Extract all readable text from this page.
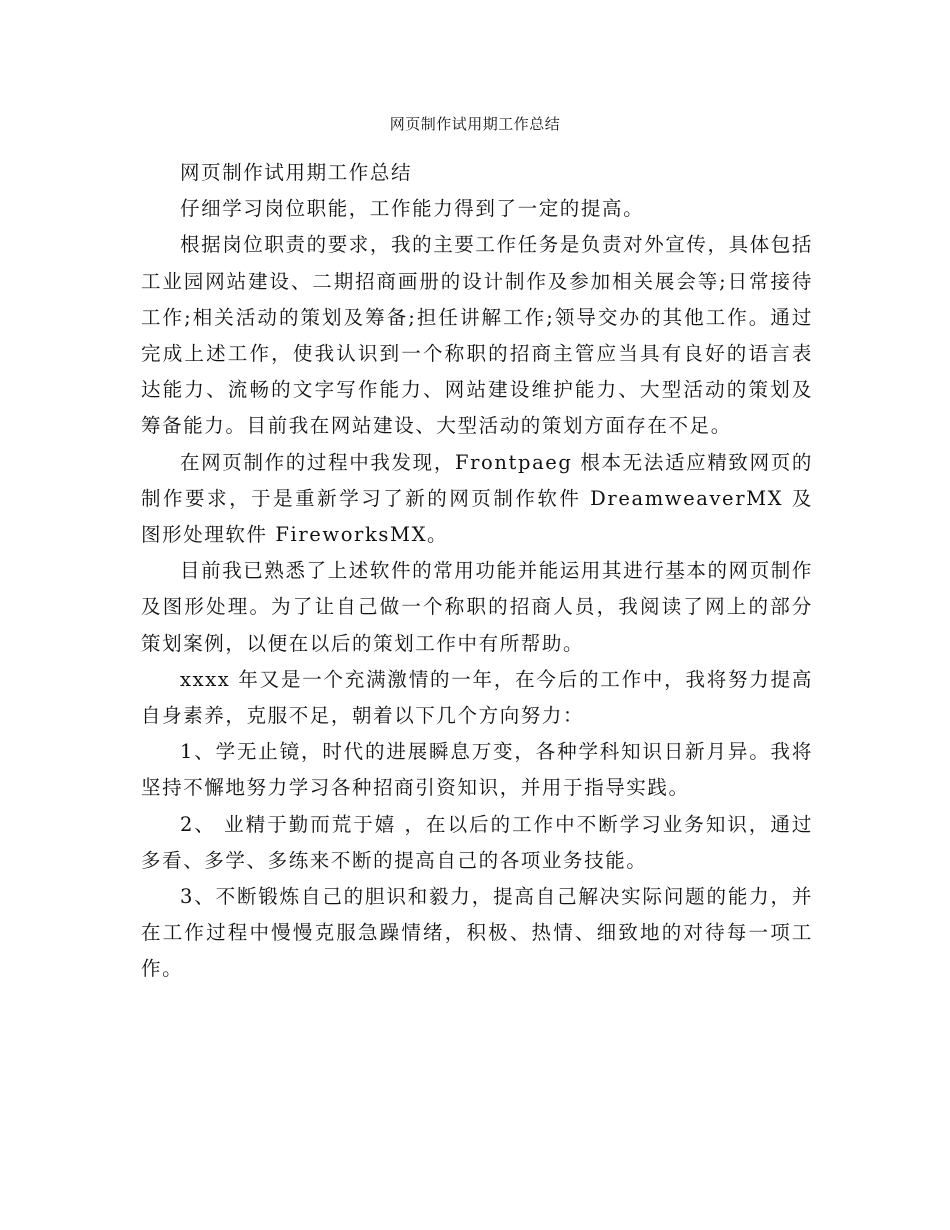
网页制作试用期工作总结

网页制作试用期工作总结

仔细学习岗位职能，工作能力得到了一定的提高。

根据岗位职责的要求，我的主要工作任务是负责对外宣传，具体包括工业园网站建设、二期招商画册的设计制作及参加相关展会等;日常接待工作;相关活动的策划及筹备;担任讲解工作;领导交办的其他工作。通过完成上述工作，使我认识到一个称职的招商主管应当具有良好的语言表达能力、流畅的文字写作能力、网站建设维护能力、大型活动的策划及筹备能力。目前我在网站建设、大型活动的策划方面存在不足。

在网页制作的过程中我发现，Frontpaeg 根本无法适应精致网页的制作要求，于是重新学习了新的网页制作软件 DreamweaverMX 及图形处理软件 FireworksMX。

目前我已熟悉了上述软件的常用功能并能运用其进行基本的网页制作及图形处理。为了让自己做一个称职的招商人员，我阅读了网上的部分策划案例，以便在以后的策划工作中有所帮助。

xxxx 年又是一个充满激情的一年，在今后的工作中，我将努力提高自身素养，克服不足，朝着以下几个方向努力：

1、学无止镜，时代的进展瞬息万变，各种学科知识日新月异。我将坚持不懈地努力学习各种招商引资知识，并用于指导实践。

2、 业精于勤而荒于嬉 ，在以后的工作中不断学习业务知识，通过多看、多学、多练来不断的提高自己的各项业务技能。

3、不断锻炼自己的胆识和毅力，提高自己解决实际问题的能力，并在工作过程中慢慢克服急躁情绪，积极、热情、细致地的对待每一项工作。
